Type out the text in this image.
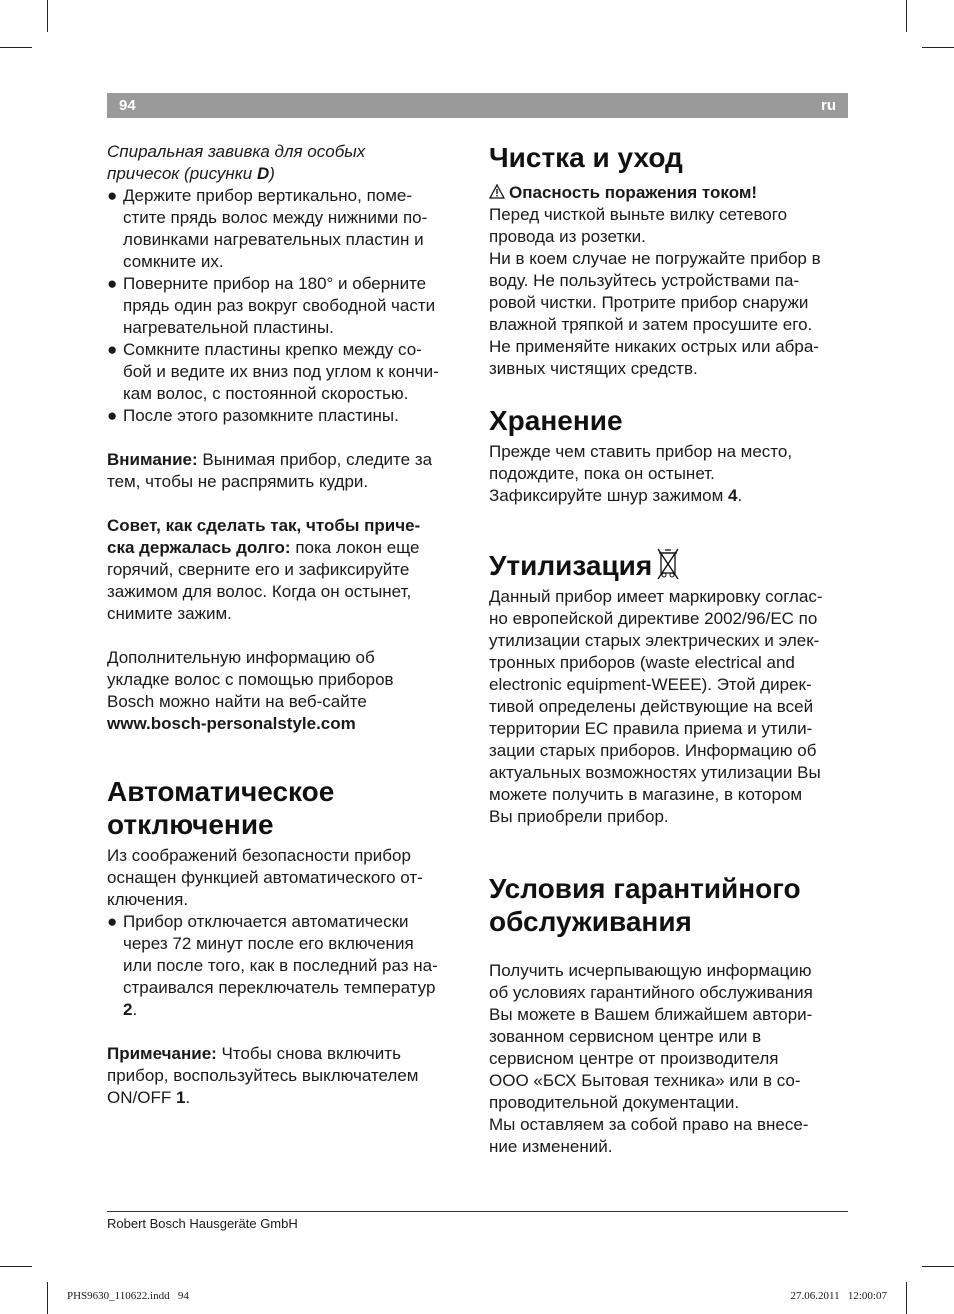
94	ru

Спиральная завивка для особых
причесок (рисунки D)

● Держите прибор вертикально, поме-
стите прядь волос между нижними по-
ловинками нагревательных пластин и
сомкните их.
● Поверните прибор на 180° и оберните
прядь один раз вокруг свободной части
нагревательной пластины.
● Сомкните пластины крепко между со-
бой и ведите их вниз под углом к кончи-
кам волос, с постоянной скоростью.
● После этого разомкните пластины.

Внимание: Вынимая прибор, следите за
тем, чтобы не распрямить кудри.

Совет, как сделать так, чтобы приче-
ска держалась долго: пока локон еще
горячий, сверните его и зафиксируйте
зажимом для волос. Когда он остынет,
снимите зажим.

Дополнительную информацию об
укладке волос с помощью приборов
Bosch можно найти на веб-сайте
www.bosch-personalstyle.com

Автоматическое
отключение

Из соображений безопасности прибор
оснащен функцией автоматического от-
ключения.

● Прибор отключается автоматически
через 72 минут после его включения
или после того, как в последний раз на-
страивался переключатель температур
2.

Примечание: Чтобы снова включить
прибор, воспользуйтесь выключателем
ON/OFF 1.

Чистка и уход

Опасность поражения током!

Перед чисткой выньте вилку сетевого
провода из розетки.
Ни в коем случае не погружайте прибор в
воду. Не пользуйтесь устройствами па-
ровой чистки. Протрите прибор снаружи
влажной тряпкой и затем просушите его.
Не применяйте никаких острых или абра-
зивных чистящих средств.

Хранение

Прежде чем ставить прибор на место,
подождите, пока он остынет.
Зафиксируйте шнур зажимом 4.

Утилизация

Данный прибор имеет маркировку соглас-
но европейской директиве 2002/96/EC по
утилизации старых электрических и элек-
тронных приборов (waste electrical and
electronic equipment-WEEE). Этой дирек-
тивой определены действующие на всей
территории ЕС правила приема и утили-
зации старых приборов. Информацию об
актуальных возможностях утилизации Вы
можете получить в магазине, в котором
Вы приобрели прибор.

Условия гарантийного
обслуживания

Получить исчерпывающую информацию
об условиях гарантийного обслуживания
Вы можете в Вашем ближайшем автори-
зованном сервисном центре или в
сервисном центре от производителя
ООО «БСХ Бытовая техника» или в со-
проводительной документации.
Мы оставляем за собой право на внесе-
ние изменений.

Robert Bosch Hausgeräte GmbH
PHS9630_110622.indd   94	27.06.2011   12:00:07
